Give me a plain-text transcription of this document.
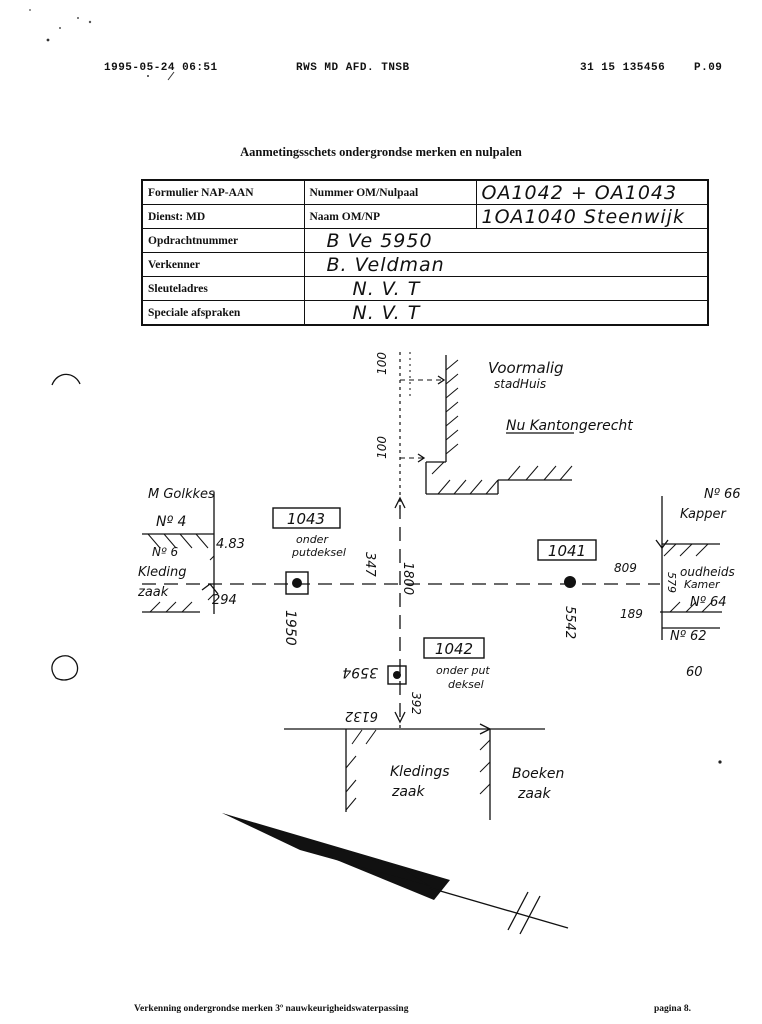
1995-05-24 06:51	RWS MD AFD. TNSB	31 15 135456	P.09
Aanmetingsschets ondergrondse merken en nulpalen
Formulier NAP-AAN	Nummer OM/Nulpaal	OA1042 + OA1043
Dienst: MD	Naam OM/NP	1OA1040 Steenwijk
Opdrachtnummer	B Ve 5950	
Verkenner	B. Veldman	
Sleuteladres	N. V. T	
Speciale afspraken	N. V. T	
Voormalig
stadHuis
Nu Kantongerecht
100
100
M Golkkes
Nº 4
Nº 6
Kleding
zaak
4.83
294
1043
onder
putdeksel
1950
347 1800
1041
5542
Nº 66
Kapper
809	oudheids
Kamer
579
Nº 64
189
Nº 62
60
1042
onder put
deksel
3594
392
6132
Kledings
zaak
Boeken
zaak
Verkenning ondergrondse merken 3º nauwkeurigheidswaterpassing	pagina 8.
